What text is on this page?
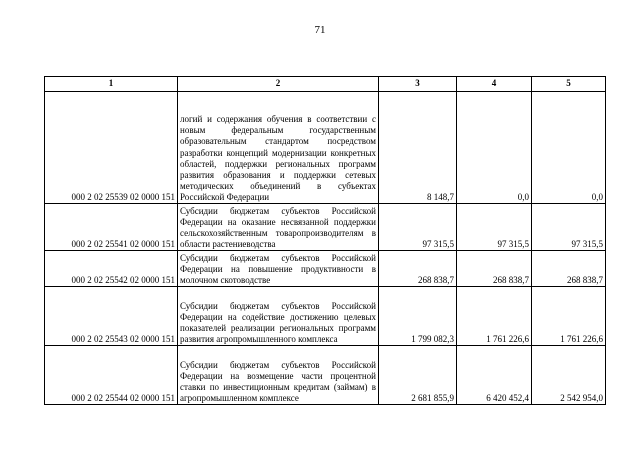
71
1	2	3	4	5
000 2 02 25539 02 0000 151	логий и содержания обучения в соответствии с новым федеральным государственным образовательным стандартом посредством разработки концепций модернизации конкретных областей, поддержки региональных программ развития образования и поддержки сетевых методических объединений в субъектах Российской Федерации	8 148,7	0,0	0,0
000 2 02 25541 02 0000 151	Субсидии бюджетам субъектов Российской Федерации на оказание несвязанной поддержки сельскохозяйственным товаропроизводителям в области растениеводства	97 315,5	97 315,5	97 315,5
000 2 02 25542 02 0000 151	Субсидии бюджетам субъектов Российской Федерации на повышение продуктивности в молочном скотоводстве	268 838,7	268 838,7	268 838,7
000 2 02 25543 02 0000 151	Субсидии бюджетам субъектов Российской Федерации на содействие достижению целевых показателей реализации региональных программ развития агропромышленного комплекса	1 799 082,3	1 761 226,6	1 761 226,6
000 2 02 25544 02 0000 151	Субсидии бюджетам субъектов Российской Федерации на возмещение части процентной ставки по инвестиционным кредитам (займам) в агропромышленном комплексе	2 681 855,9	6 420 452,4	2 542 954,0
